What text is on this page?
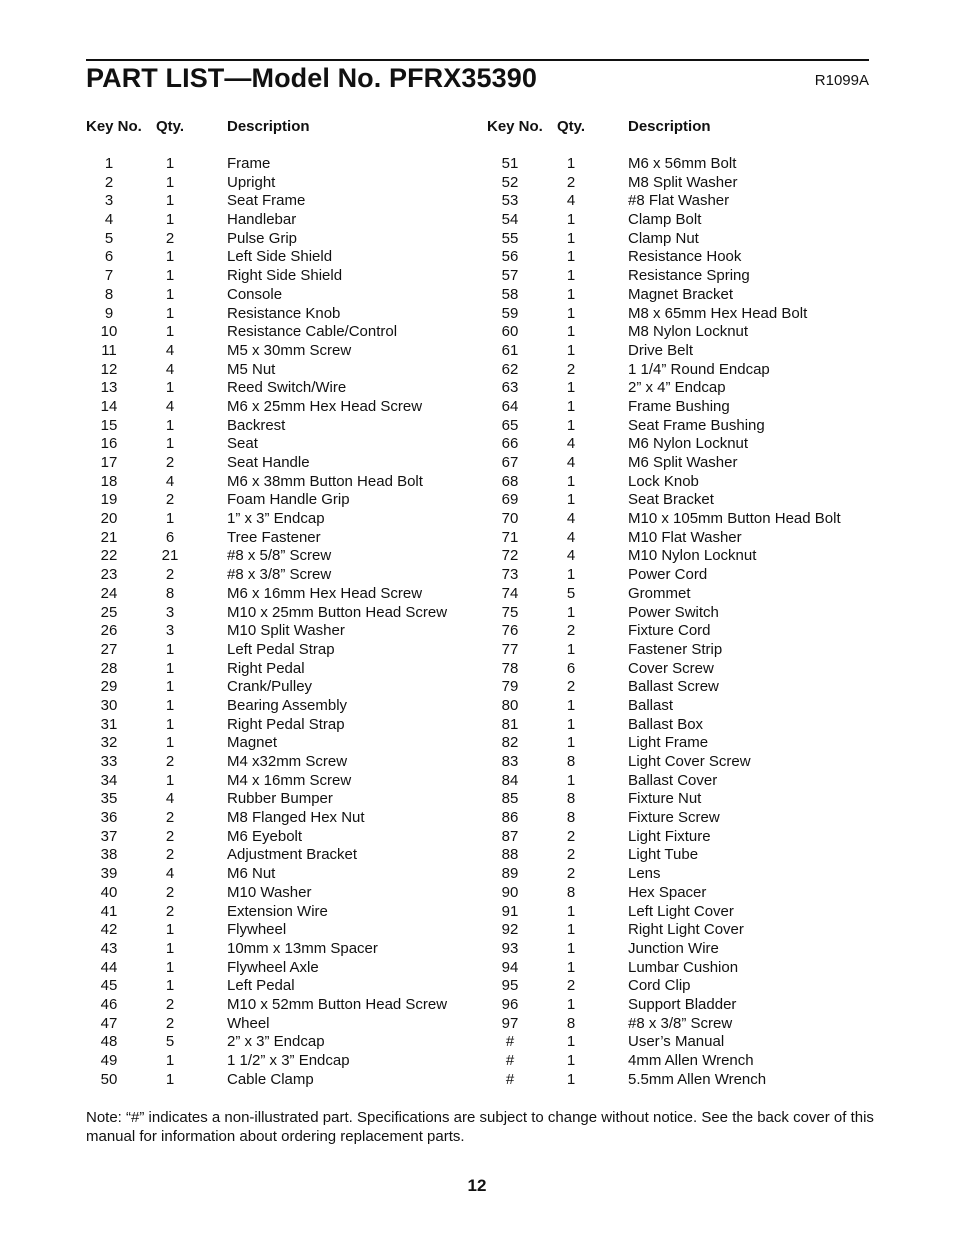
PART LIST—Model No. PFRX35390	R1099A
Key No. Qty.	Description	Key No. Qty.	Description
1	1	Frame
2	1	Upright
3	1	Seat Frame
4	1	Handlebar
5	2	Pulse Grip
6	1	Left Side Shield
7	1	Right Side Shield
8	1	Console
9	1	Resistance Knob
10	1	Resistance Cable/Control
11	4	M5 x 30mm Screw
12	4	M5 Nut
13	1	Reed Switch/Wire
14	4	M6 x 25mm Hex Head Screw
15	1	Backrest
16	1	Seat
17	2	Seat Handle
18	4	M6 x 38mm Button Head Bolt
19	2	Foam Handle Grip
20	1	1” x 3” Endcap
21	6	Tree Fastener
22	21	#8 x 5/8” Screw
23	2	#8 x 3/8” Screw
24	8	M6 x 16mm Hex Head Screw
25	3	M10 x 25mm Button Head Screw
26	3	M10 Split Washer
27	1	Left Pedal Strap
28	1	Right Pedal
29	1	Crank/Pulley
30	1	Bearing Assembly
31	1	Right Pedal Strap
32	1	Magnet
33	2	M4 x32mm Screw
34	1	M4 x 16mm Screw
35	4	Rubber Bumper
36	2	M8 Flanged Hex Nut
37	2	M6 Eyebolt
38	2	Adjustment Bracket
39	4	M6 Nut
40	2	M10 Washer
41	2	Extension Wire
42	1	Flywheel
43	1	10mm x 13mm Spacer
44	1	Flywheel Axle
45	1	Left Pedal
46	2	M10 x 52mm Button Head Screw
47	2	Wheel
48	5	2” x 3” Endcap
49	1	1 1/2” x 3” Endcap
50	1	Cable Clamp
51	1	M6 x 56mm Bolt
52	2	M8 Split Washer
53	4	#8 Flat Washer
54	1	Clamp Bolt
55	1	Clamp Nut
56	1	Resistance Hook
57	1	Resistance Spring
58	1	Magnet Bracket
59	1	M8 x 65mm Hex Head Bolt
60	1	M8 Nylon Locknut
61	1	Drive Belt
62	2	1 1/4” Round Endcap
63	1	2” x 4” Endcap
64	1	Frame Bushing
65	1	Seat Frame Bushing
66	4	M6 Nylon Locknut
67	4	M6 Split Washer
68	1	Lock Knob
69	1	Seat Bracket
70	4	M10 x 105mm Button Head Bolt
71	4	M10 Flat Washer
72	4	M10 Nylon Locknut
73	1	Power Cord
74	5	Grommet
75	1	Power Switch
76	2	Fixture Cord
77	1	Fastener Strip
78	6	Cover Screw
79	2	Ballast Screw
80	1	Ballast
81	1	Ballast Box
82	1	Light Frame
83	8	Light Cover Screw
84	1	Ballast Cover
85	8	Fixture Nut
86	8	Fixture Screw
87	2	Light Fixture
88	2	Light Tube
89	2	Lens
90	8	Hex Spacer
91	1	Left Light Cover
92	1	Right Light Cover
93	1	Junction Wire
94	1	Lumbar Cushion
95	2	Cord Clip
96	1	Support Bladder
97	8	#8 x 3/8” Screw
#	1	User’s Manual
#	1	4mm Allen Wrench
#	1	5.5mm Allen Wrench

Note: “#” indicates a non-illustrated part. Specifications are subject to change without notice. See the back cover of this manual for information about ordering replacement parts.

12
